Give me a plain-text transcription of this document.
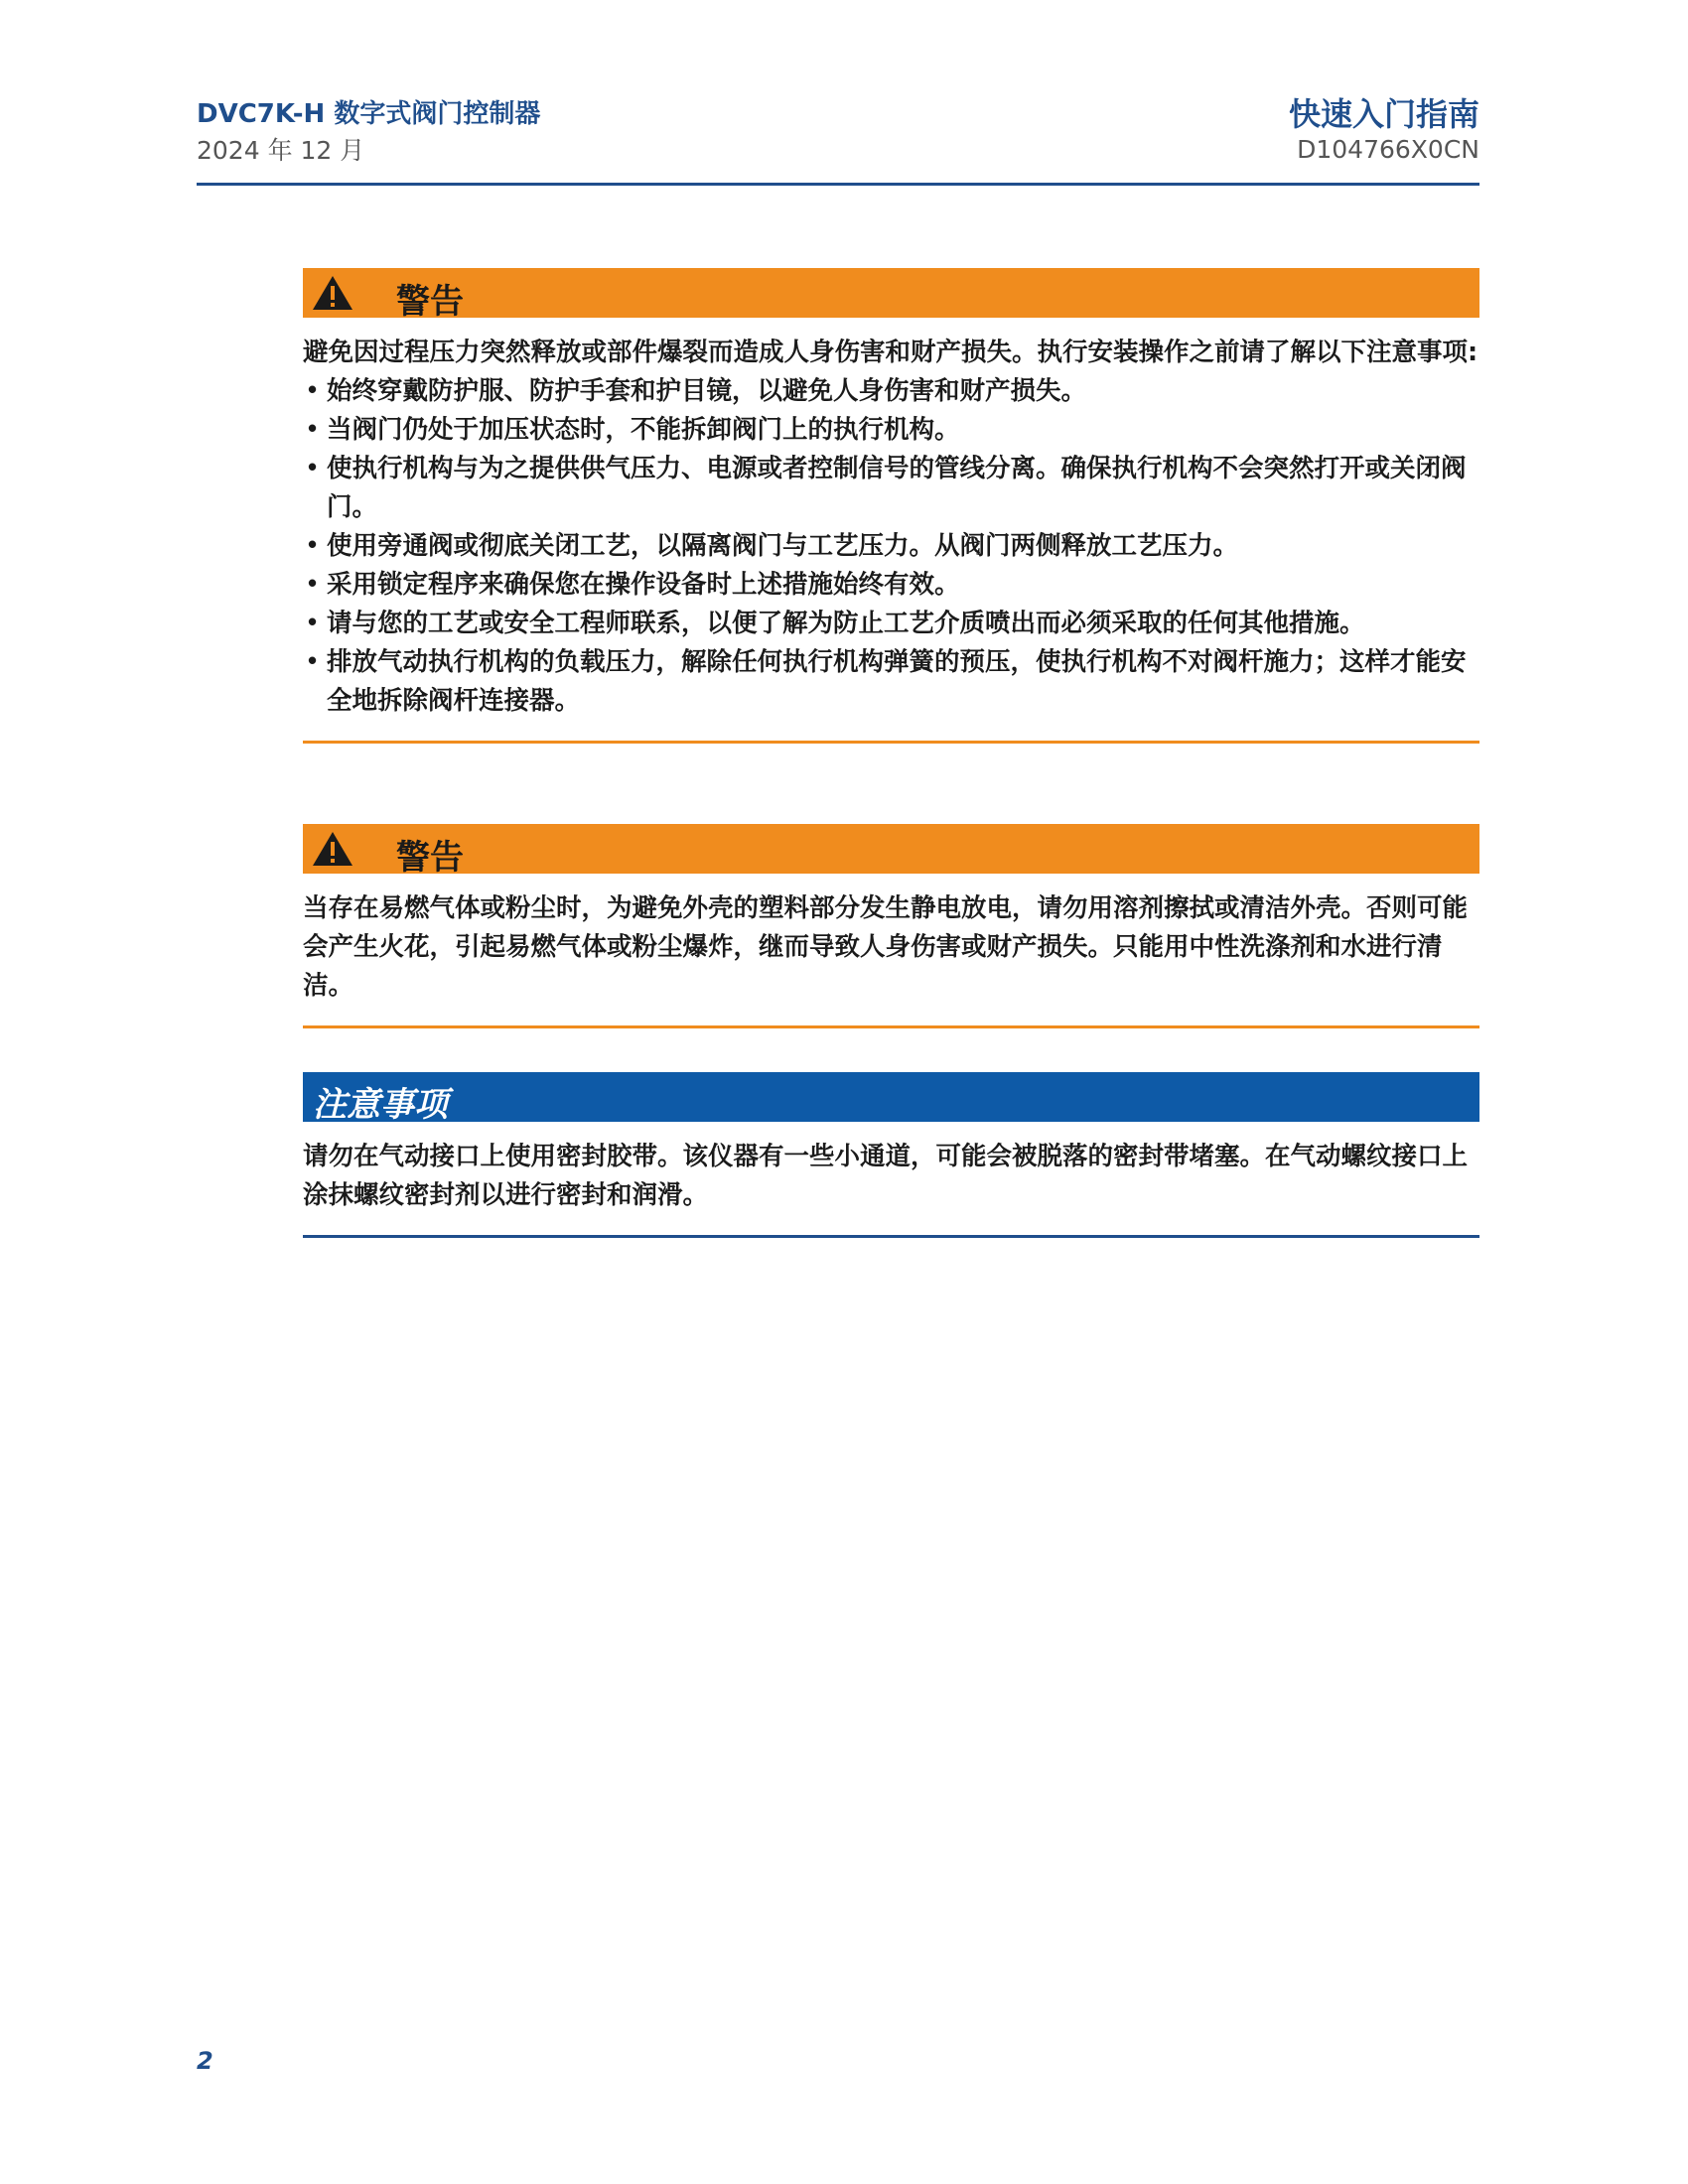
DVC7K-H 数字式阀门控制器
2024 年 12 月
快速入门指南
D104766X0CN
警告
避免因过程压力突然释放或部件爆裂而造成人身伤害和财产损失。执行安装操作之前请了解以下注意事项:
• 始终穿戴防护服、防护手套和护目镜，以避免人身伤害和财产损失。
• 当阀门仍处于加压状态时，不能拆卸阀门上的执行机构。
• 使执行机构与为之提供供气压力、电源或者控制信号的管线分离。确保执行机构不会突然打开或关闭阀门。
• 使用旁通阀或彻底关闭工艺，以隔离阀门与工艺压力。从阀门两侧释放工艺压力。
• 采用锁定程序来确保您在操作设备时上述措施始终有效。
• 请与您的工艺或安全工程师联系，以便了解为防止工艺介质喷出而必须采取的任何其他措施。
• 排放气动执行机构的负载压力，解除任何执行机构弹簧的预压，使执行机构不对阀杆施力；这样才能安全地拆除阀杆连接器。
警告
当存在易燃气体或粉尘时，为避免外壳的塑料部分发生静电放电，请勿用溶剂擦拭或清洁外壳。否则可能会产生火花，引起易燃气体或粉尘爆炸，继而导致人身伤害或财产损失。只能用中性洗涤剂和水进行清洁。
注意事项
请勿在气动接口上使用密封胶带。该仪器有一些小通道，可能会被脱落的密封带堵塞。在气动螺纹接口上涂抹螺纹密封剂以进行密封和润滑。
2
